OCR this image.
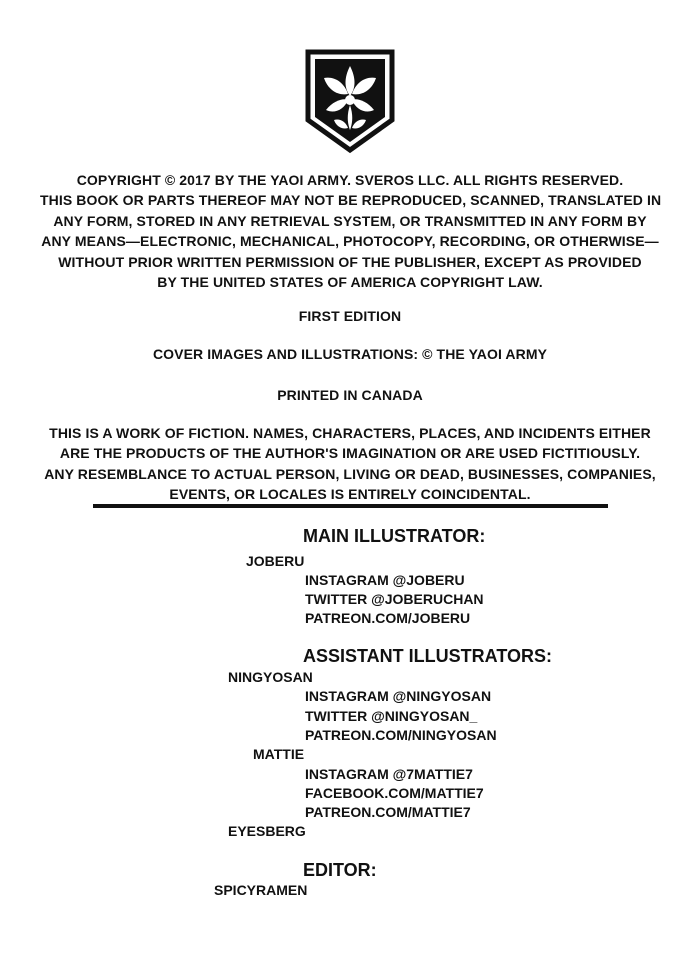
COPYRIGHT © 2017 BY THE YAOI ARMY. SVEROS LLC. ALL RIGHTS RESERVED.
THIS BOOK OR PARTS THEREOF MAY NOT BE REPRODUCED, SCANNED, TRANSLATED IN
ANY FORM, STORED IN ANY RETRIEVAL SYSTEM, OR TRANSMITTED IN ANY FORM BY
ANY MEANS—ELECTRONIC, MECHANICAL, PHOTOCOPY, RECORDING, OR OTHERWISE—
WITHOUT PRIOR WRITTEN PERMISSION OF THE PUBLISHER, EXCEPT AS PROVIDED
BY THE UNITED STATES OF AMERICA COPYRIGHT LAW.
FIRST EDITION
COVER IMAGES AND ILLUSTRATIONS: © THE YAOI ARMY
PRINTED IN CANADA
THIS IS A WORK OF FICTION. NAMES, CHARACTERS, PLACES, AND INCIDENTS EITHER
ARE THE PRODUCTS OF THE AUTHOR'S IMAGINATION OR ARE USED FICTITIOUSLY.
ANY RESEMBLANCE TO ACTUAL PERSON, LIVING OR DEAD, BUSINESSES, COMPANIES,
EVENTS, OR LOCALES IS ENTIRELY COINCIDENTAL.
MAIN ILLUSTRATOR:
JOBERU
INSTAGRAM @JOBERU
TWITTER @JOBERUCHAN
PATREON.COM/JOBERU
ASSISTANT ILLUSTRATORS:
NINGYOSAN
INSTAGRAM @NINGYOSAN
TWITTER @NINGYOSAN_
PATREON.COM/NINGYOSAN
MATTIE
INSTAGRAM @7MATTIE7
FACEBOOK.COM/MATTIE7
PATREON.COM/MATTIE7
EYESBERG
EDITOR:
SPICYRAMEN
